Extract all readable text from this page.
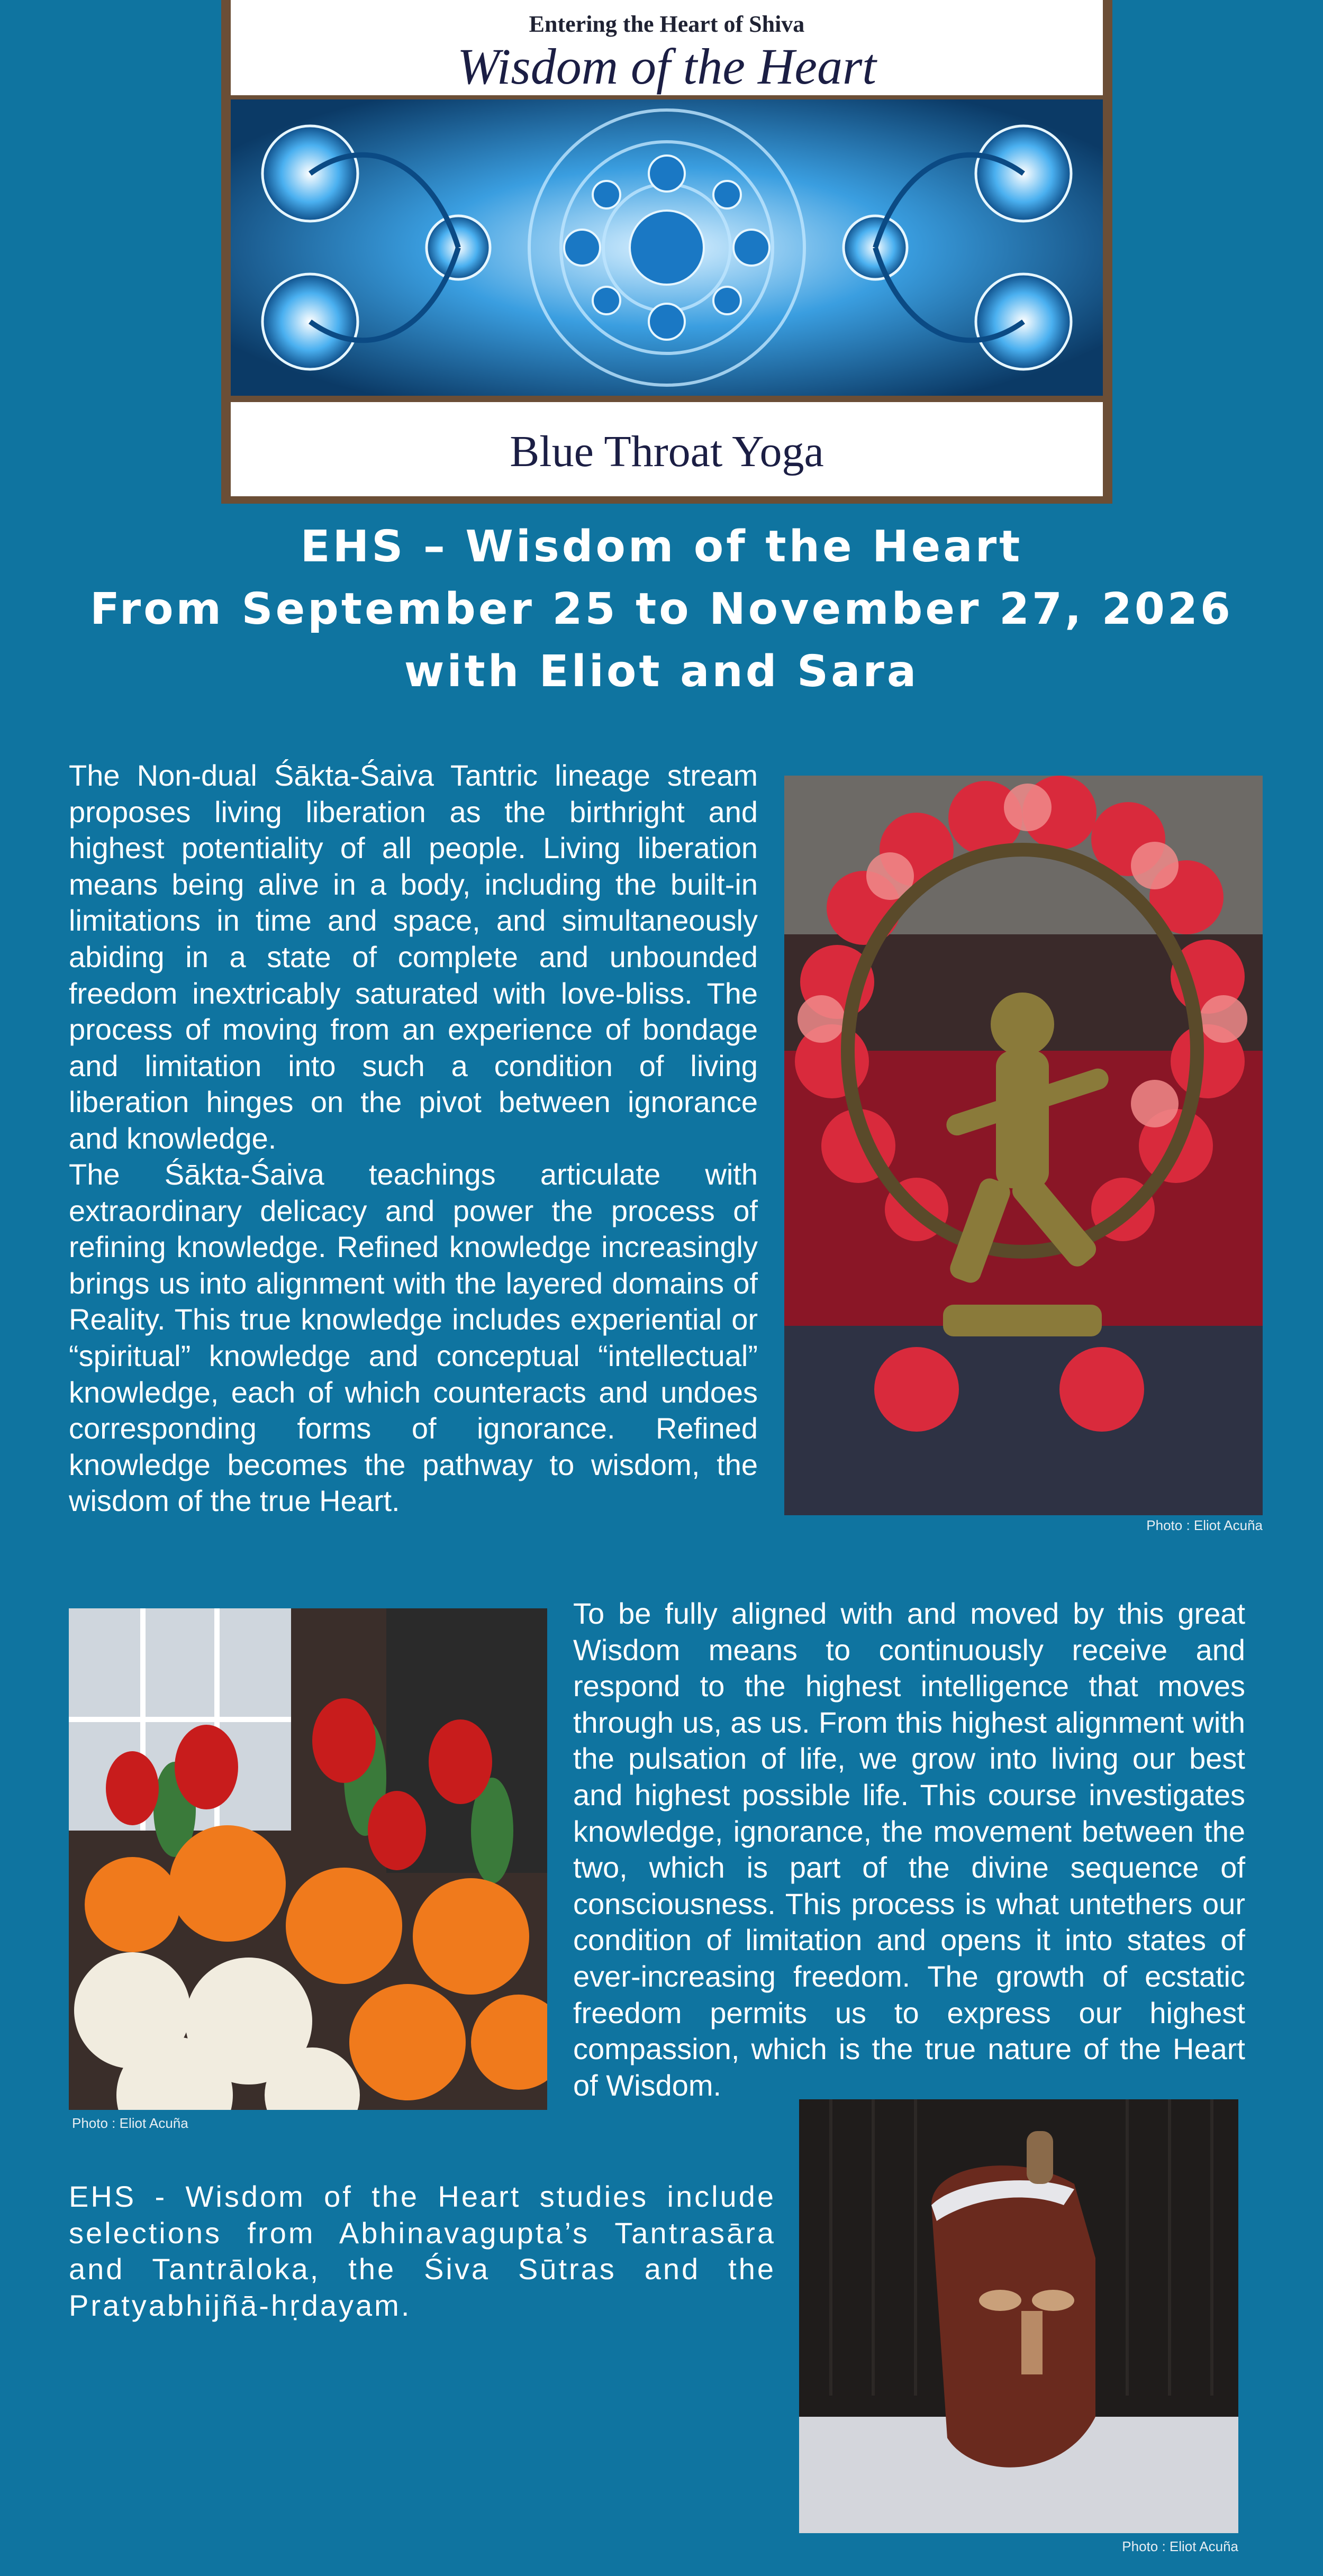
Entering the Heart of Shiva
Wisdom of the Heart
Blue Throat Yoga
EHS – Wisdom of the Heart
From September 25 to November 27, 2026
with Eliot and Sara

The Non-dual Śākta-Śaiva Tantric lineage stream proposes living liberation as the birthright and highest potentiality of all people. Living liberation means being alive in a body, including the built-in limitations in time and space, and simultaneously abiding in a state of complete and unbounded freedom inextricably saturated with love-bliss. The process of moving from an experience of bondage and limitation into such a condition of living liberation hinges on the pivot between ignorance and knowledge.

The Śākta-Śaiva teachings articulate with extraordinary delicacy and power the process of refining knowledge. Refined knowledge increasingly brings us into alignment with the layered domains of Reality. This true knowledge includes experiential or “spiritual” knowledge and conceptual “intellectual” knowledge, each of which counteracts and undoes corresponding forms of ignorance. Refined knowledge becomes the pathway to wisdom, the wisdom of the true Heart.

Photo : Eliot Acuña
Photo : Eliot Acuña

To be fully aligned with and moved by this great Wisdom means to continuously receive and respond to the highest intelligence that moves through us, as us. From this highest alignment with the pulsation of life, we grow into living our best and highest possible life. This course investigates knowledge, ignorance, the movement between the two, which is part of the divine sequence of consciousness. This process is what untethers our condition of limitation and opens it into states of ever-increasing freedom. The growth of ecstatic freedom permits us to express our highest compassion, which is the true nature of the Heart of Wisdom.

EHS - Wisdom of the Heart studies include selections from Abhinavagupta’s Tantrasāra and Tantrāloka, the Śiva Sūtras and the Pratyabhijñā-hṛdayam.

Photo : Eliot Acuña
